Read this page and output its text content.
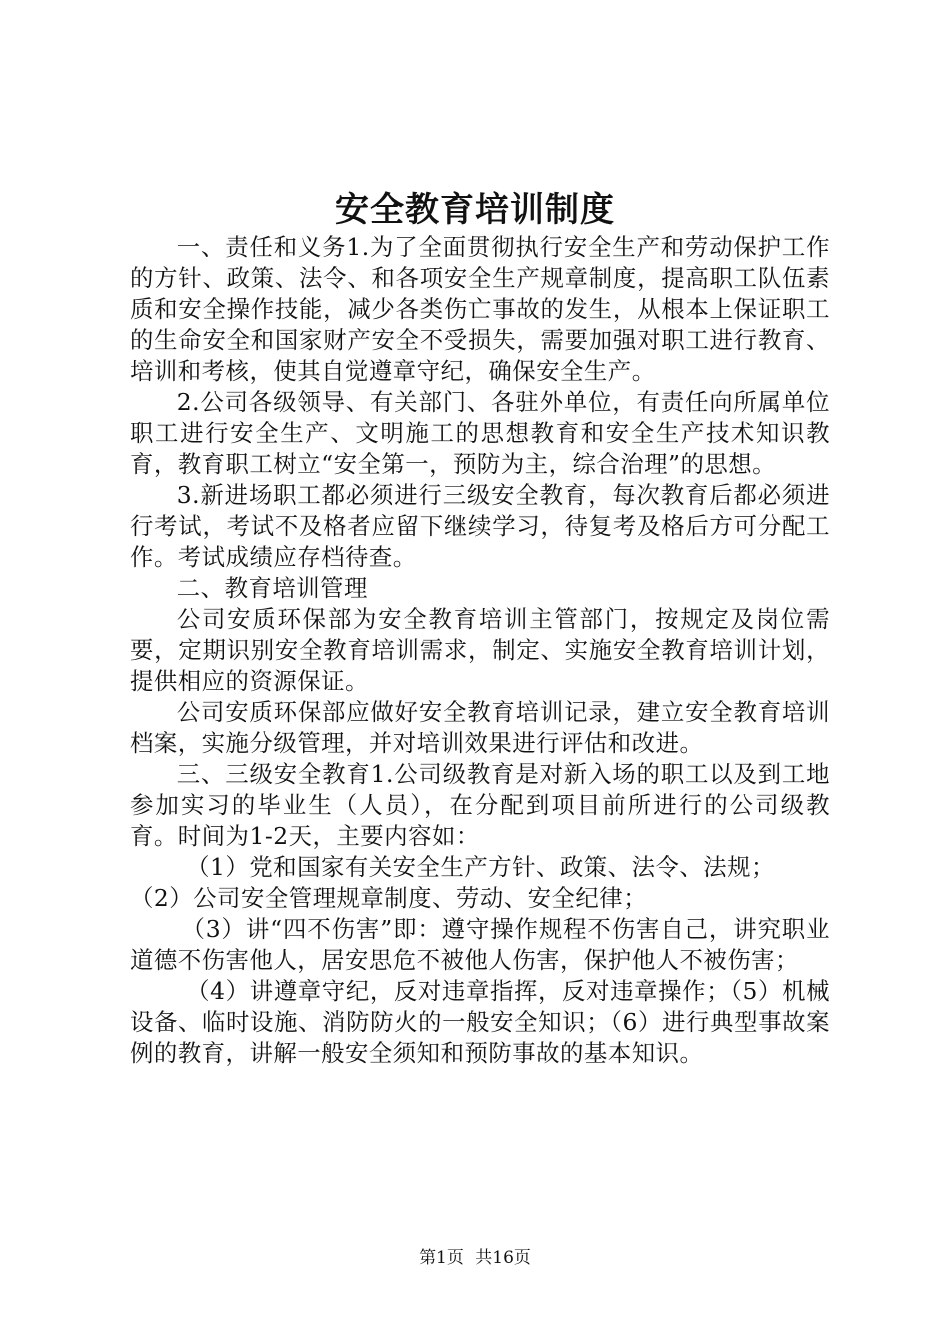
安全教育培训制度

一、责任和义务1.为了全面贯彻执行安全生产和劳动保护工作的方针、政策、法令、和各项安全生产规章制度，提高职工队伍素质和安全操作技能，减少各类伤亡事故的发生，从根本上保证职工的生命安全和国家财产安全不受损失，需要加强对职工进行教育、培训和考核，使其自觉遵章守纪，确保安全生产。

2.公司各级领导、有关部门、各驻外单位，有责任向所属单位职工进行安全生产、文明施工的思想教育和安全生产技术知识教育，教育职工树立“安全第一，预防为主，综合治理”的思想。

3.新进场职工都必须进行三级安全教育，每次教育后都必须进行考试，考试不及格者应留下继续学习，待复考及格后方可分配工作。考试成绩应存档待查。

二、教育培训管理

公司安质环保部为安全教育培训主管部门，按规定及岗位需要，定期识别安全教育培训需求，制定、实施安全教育培训计划，提供相应的资源保证。

公司安质环保部应做好安全教育培训记录，建立安全教育培训档案，实施分级管理，并对培训效果进行评估和改进。

三、三级安全教育1.公司级教育是对新入场的职工以及到工地参加实习的毕业生（人员），在分配到项目前所进行的公司级教育。时间为1-2天，主要内容如：

（1）党和国家有关安全生产方针、政策、法令、法规；

（2）公司安全管理规章制度、劳动、安全纪律；

（3）讲“四不伤害”即：遵守操作规程不伤害自己，讲究职业道德不伤害他人，居安思危不被他人伤害，保护他人不被伤害；

（4）讲遵章守纪，反对违章指挥，反对违章操作；（5）机械设备、临时设施、消防防火的一般安全知识；（6）进行典型事故案例的教育，讲解一般安全须知和预防事故的基本知识。

第1页 共16页
